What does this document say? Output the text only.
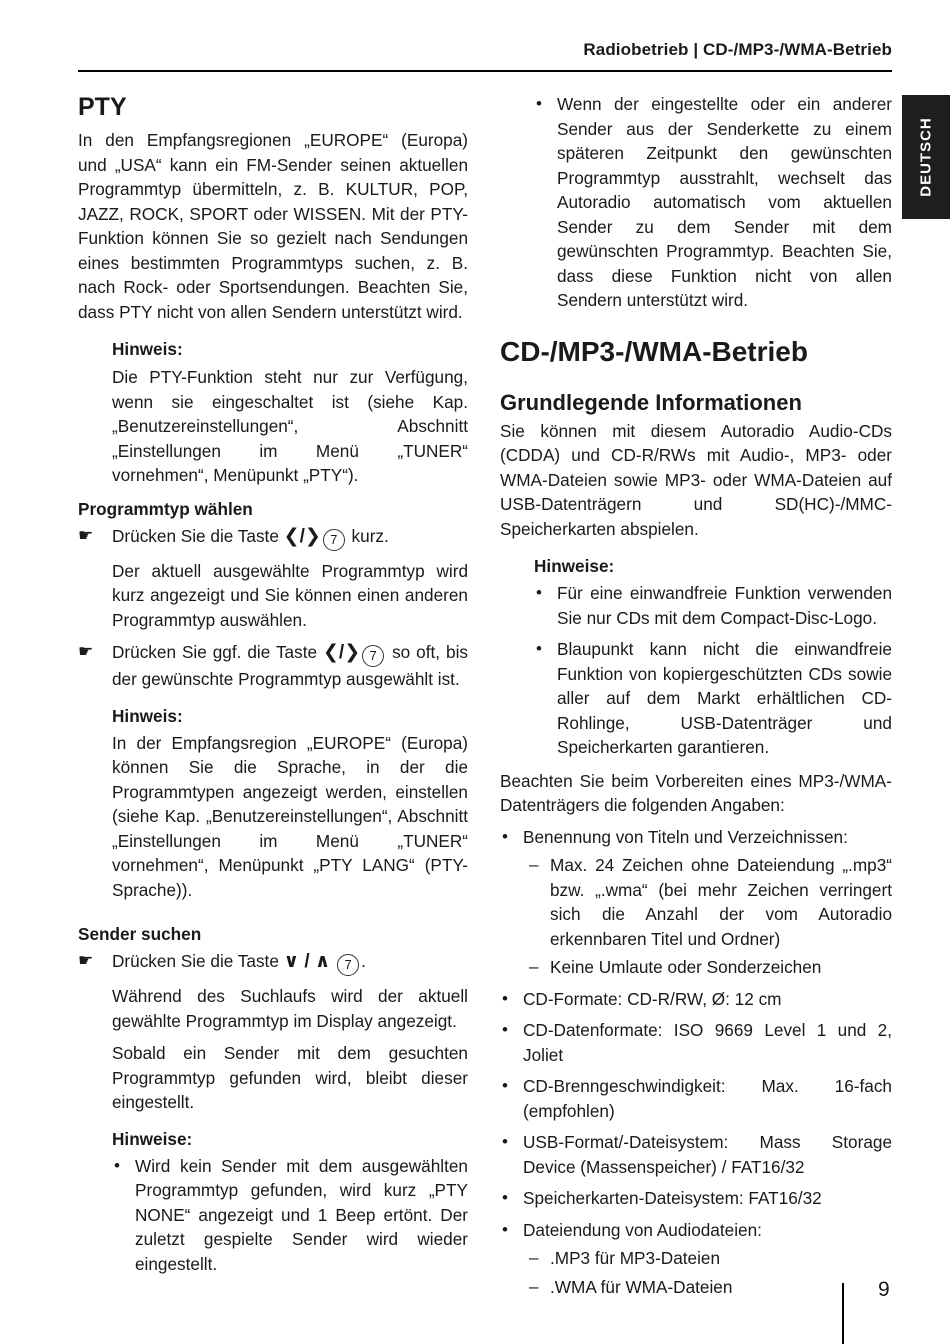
Radiobetrieb | CD-/MP3-/WMA-Betrieb
DEUTSCH
PTY

In den Empfangsregionen „EUROPE“ (Europa) und „USA“ kann ein FM-Sender seinen aktuellen Programmtyp übermitteln, z. B. KULTUR, POP, JAZZ, ROCK, SPORT oder WISSEN. Mit der PTY-Funktion können Sie so gezielt nach Sendungen eines bestimmten Programmtyps suchen, z. B. nach Rock- oder Sportsendungen. Beachten Sie, dass PTY nicht von allen Sendern unterstützt wird.

Hinweis:

Die PTY-Funktion steht nur zur Verfügung, wenn sie eingeschaltet ist (siehe Kap. „Benutzereinstellungen“, Abschnitt „Einstellungen im Menü „TUNER“ vornehmen“, Menüpunkt „PTY“).

Programmtyp wählen
☛ Drücken Sie die Taste ❮/❯ 7 kurz.

Der aktuell ausgewählte Programmtyp wird kurz angezeigt und Sie können einen anderen Programmtyp auswählen.

☛ Drücken Sie ggf. die Taste ❮/❯ 7 so oft, bis der gewünschte Programmtyp ausgewählt ist.
Hinweis:

In der Empfangsregion „EUROPE“ (Europa) können Sie die Sprache, in der die Programmtypen angezeigt werden, einstellen (siehe Kap. „Benutzereinstellungen“, Abschnitt „Einstellungen im Menü „TUNER“ vornehmen“, Menüpunkt „PTY LANG“ (PTY-Sprache)).

Sender suchen
☛ Drücken Sie die Taste ∨ / ∧ 7 .

Während des Suchlaufs wird der aktuell gewählte Programmtyp im Display angezeigt.

Sobald ein Sender mit dem gesuchten Programmtyp gefunden wird, bleibt dieser eingestellt.

Hinweise:
• Wird kein Sender mit dem ausgewählten Programmtyp gefunden, wird kurz „PTY NONE“ angezeigt und 1 Beep ertönt. Der zuletzt gespielte Sender wird wieder eingestellt.
• Wenn der eingestellte oder ein anderer Sender aus der Senderkette zu einem späteren Zeitpunkt den gewünschten Programmtyp ausstrahlt, wechselt das Autoradio automatisch vom aktuellen Sender zu dem Sender mit dem gewünschten Programmtyp. Beachten Sie, dass diese Funktion nicht von allen Sendern unterstützt wird.
CD-/MP3-/WMA-Betrieb
Grundlegende Informationen

Sie können mit diesem Autoradio Audio-CDs (CDDA) und CD-R/RWs mit Audio-, MP3- oder WMA-Dateien sowie MP3- oder WMA-Dateien auf USB-Datenträgern und SD(HC)-/MMC-Speicherkarten abspielen.

Hinweise:
• Für eine einwandfreie Funktion verwenden Sie nur CDs mit dem Compact-Disc-Logo.
• Blaupunkt kann nicht die einwandfreie Funktion von kopiergeschützten CDs sowie aller auf dem Markt erhältlichen CD-Rohlinge, USB-Datenträger und Speicherkarten garantieren.

Beachten Sie beim Vorbereiten eines MP3-/WMA-Datenträgers die folgenden Angaben:

• Benennung von Titeln und Verzeichnissen:
– Max. 24 Zeichen ohne Dateiendung „.mp3“ bzw. „.wma“ (bei mehr Zeichen verringert sich die Anzahl der vom Autoradio erkennbaren Titel und Ordner)
– Keine Umlaute oder Sonderzeichen
• CD-Formate: CD-R/RW, Ø: 12 cm
• CD-Datenformate: ISO 9669 Level 1 und 2, Joliet
• CD-Brenngeschwindigkeit: Max. 16-fach (empfohlen)
• USB-Format/-Dateisystem: Mass Storage Device (Massenspeicher) / FAT16/32
• Speicherkarten-Dateisystem: FAT16/32
• Dateiendung von Audiodateien:
– .MP3 für MP3-Dateien
– .WMA für WMA-Dateien	9
